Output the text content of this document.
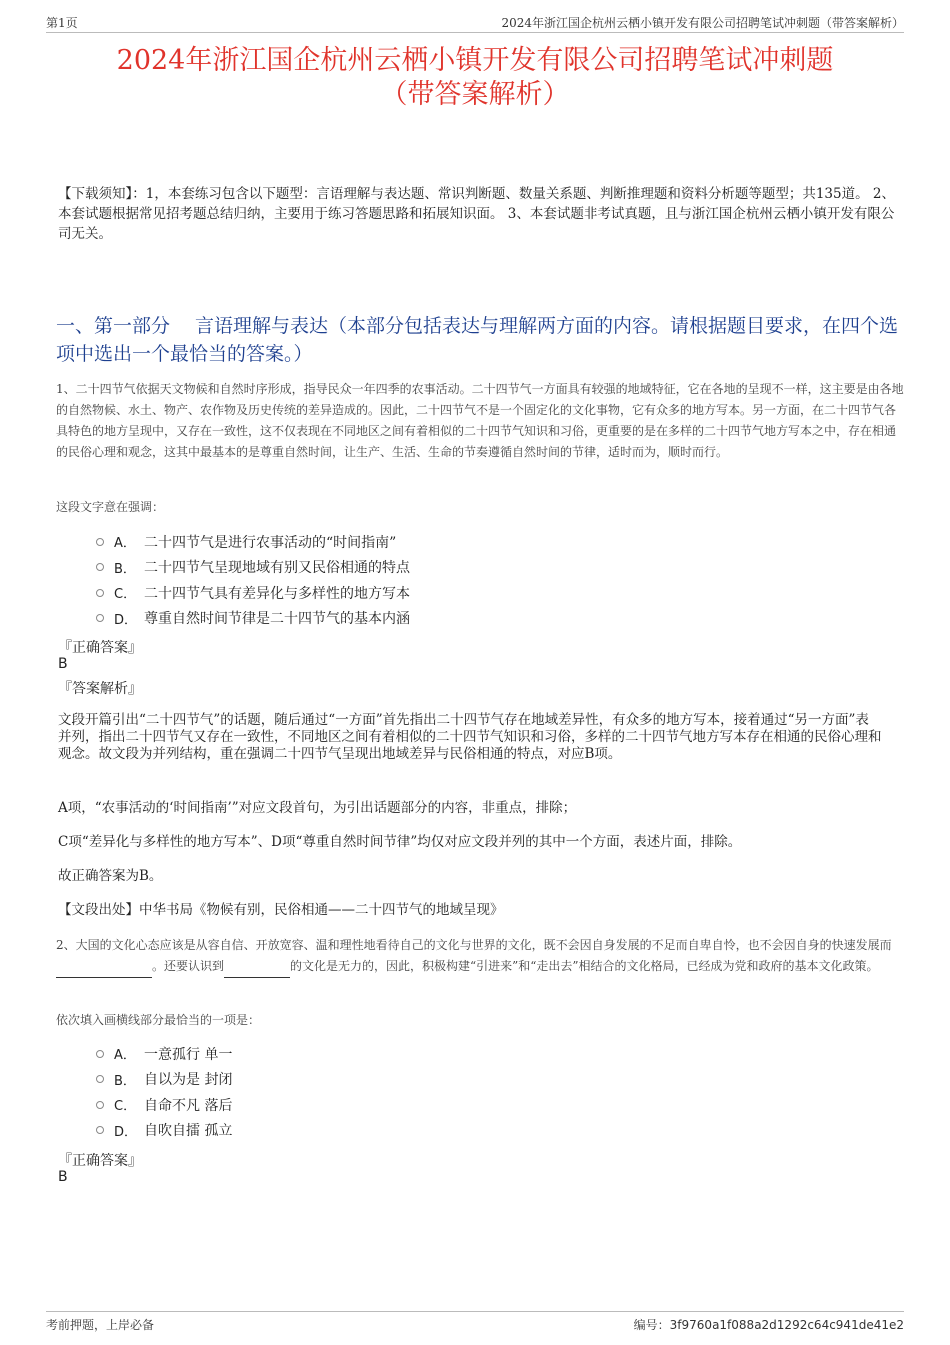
第1页	2024年浙江国企杭州云栖小镇开发有限公司招聘笔试冲刺题（带答案解析）
2024年浙江国企杭州云栖小镇开发有限公司招聘笔试冲刺题
（带答案解析）
【下载须知】：1，本套练习包含以下题型：言语理解与表达题、常识判断题、数量关系题、判断推理题和资料分析题等题型；共135道。 2、本套试题根据常见招考题总结归纳，主要用于练习答题思路和拓展知识面。 3、本套试题非考试真题，且与浙江国企杭州云栖小镇开发有限公司无关。
一、第一部分　 言语理解与表达（本部分包括表达与理解两方面的内容。请根据题目要求，在四个选项中选出一个最恰当的答案。）
1、二十四节气依据天文物候和自然时序形成，指导民众一年四季的农事活动。二十四节气一方面具有较强的地域特征，它在各地的呈现不一样，这主要是由各地的自然物候、水土、物产、农作物及历史传统的差异造成的。因此，二十四节气不是一个固定化的文化事物，它有众多的地方写本。另一方面，在二十四节气各具特色的地方呈现中，又存在一致性，这不仅表现在不同地区之间有着相似的二十四节气知识和习俗，更重要的是在多样的二十四节气地方写本之中，存在相通的民俗心理和观念，这其中最基本的是尊重自然时间，让生产、生活、生命的节奏遵循自然时间的节律，适时而为，顺时而行。
这段文字意在强调：
A． 二十四节气是进行农事活动的“时间指南”
B． 二十四节气呈现地域有别又民俗相通的特点
C． 二十四节气具有差异化与多样性的地方写本
D． 尊重自然时间节律是二十四节气的基本内涵
『正确答案』
B
『答案解析』
文段开篇引出“二十四节气”的话题，随后通过“一方面”首先指出二十四节气存在地域差异性，有众多的地方写本，接着通过“另一方面”表并列，指出二十四节气又存在一致性，不同地区之间有着相似的二十四节气知识和习俗，多样的二十四节气地方写本存在相通的民俗心理和观念。故文段为并列结构，重在强调二十四节气呈现出地域差异与民俗相通的特点，对应B项。
A项，“农事活动的‘时间指南’”对应文段首句，为引出话题部分的内容，非重点，排除；
C项“差异化与多样性的地方写本”、D项“尊重自然时间节律”均仅对应文段并列的其中一个方面，表述片面，排除。
故正确答案为B。
【文段出处】中华书局《物候有别，民俗相通——二十四节气的地域呈现》
2、大国的文化心态应该是从容自信、开放宽容、温和理性地看待自己的文化与世界的文化，既不会因自身发展的不足而自卑自怜，也不会因自身的快速发展而 。还要认识到	的文化是无力的，因此，积极构建“引进来”和“走出去”相结合的文化格局，已经成为党和政府的基本文化政策。
依次填入画横线部分最恰当的一项是：
A． 一意孤行 单一
B． 自以为是 封闭
C． 自命不凡 落后
D． 自吹自擂 孤立
『正确答案』
B
考前押题，上岸必备	编号：3f9760a1f088a2d1292c64c941de41e2
